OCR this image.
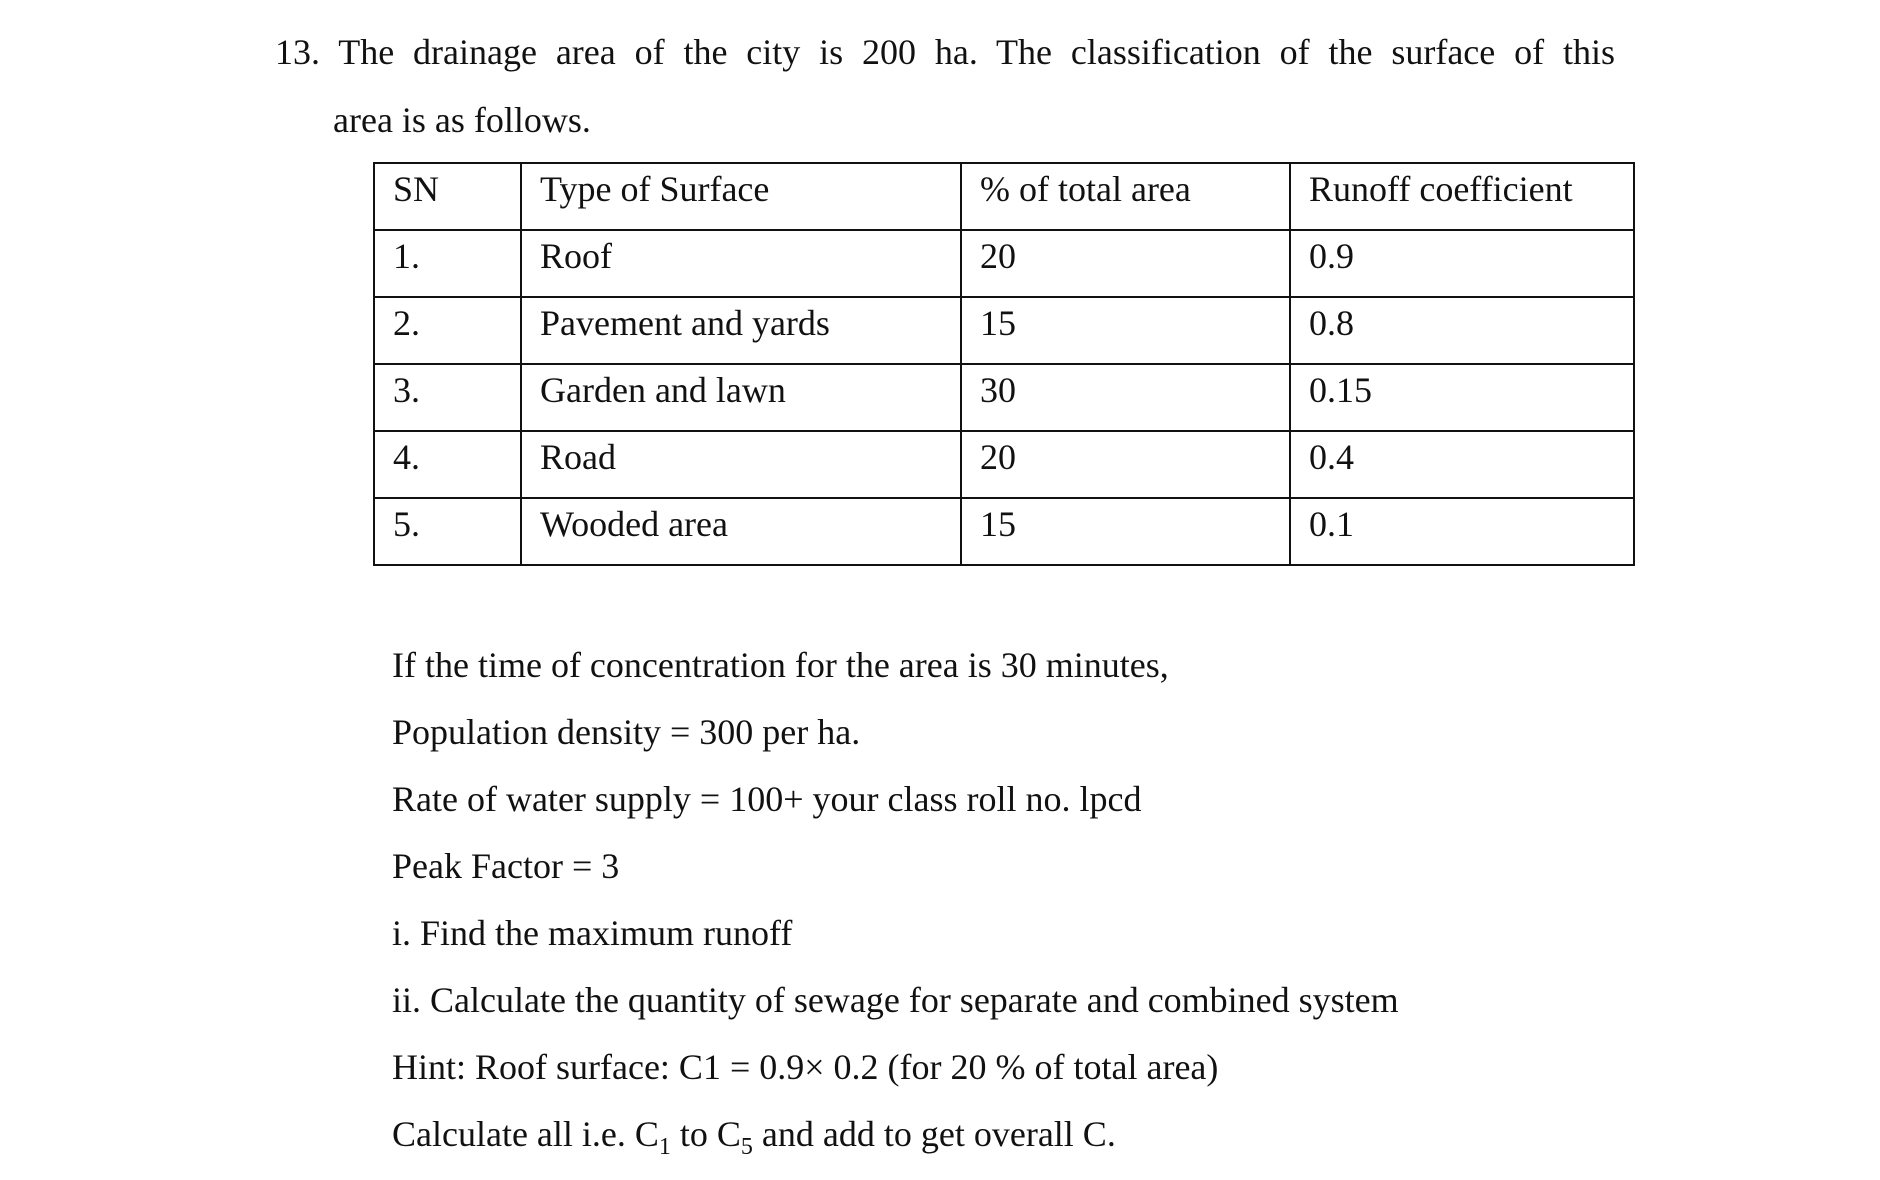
13. The drainage area of the city is 200 ha. The classification of the surface of this
area is as follows.
SN	Type of Surface	% of total area	Runoff coefficient
1.	Roof	20	0.9
2.	Pavement and yards	15	0.8
3.	Garden and lawn	30	0.15
4.	Road	20	0.4
5.	Wooded area	15	0.1
If the time of concentration for the area is 30 minutes,
Population density = 300 per ha.
Rate of water supply = 100+ your class roll no. lpcd
Peak Factor = 3
i. Find the maximum runoff
ii. Calculate the quantity of sewage for separate and combined system
Hint: Roof surface: C1 = 0.9× 0.2 (for 20 % of total area)
Calculate all i.e. $C_1$ to $C_5$ and add to get overall C.
